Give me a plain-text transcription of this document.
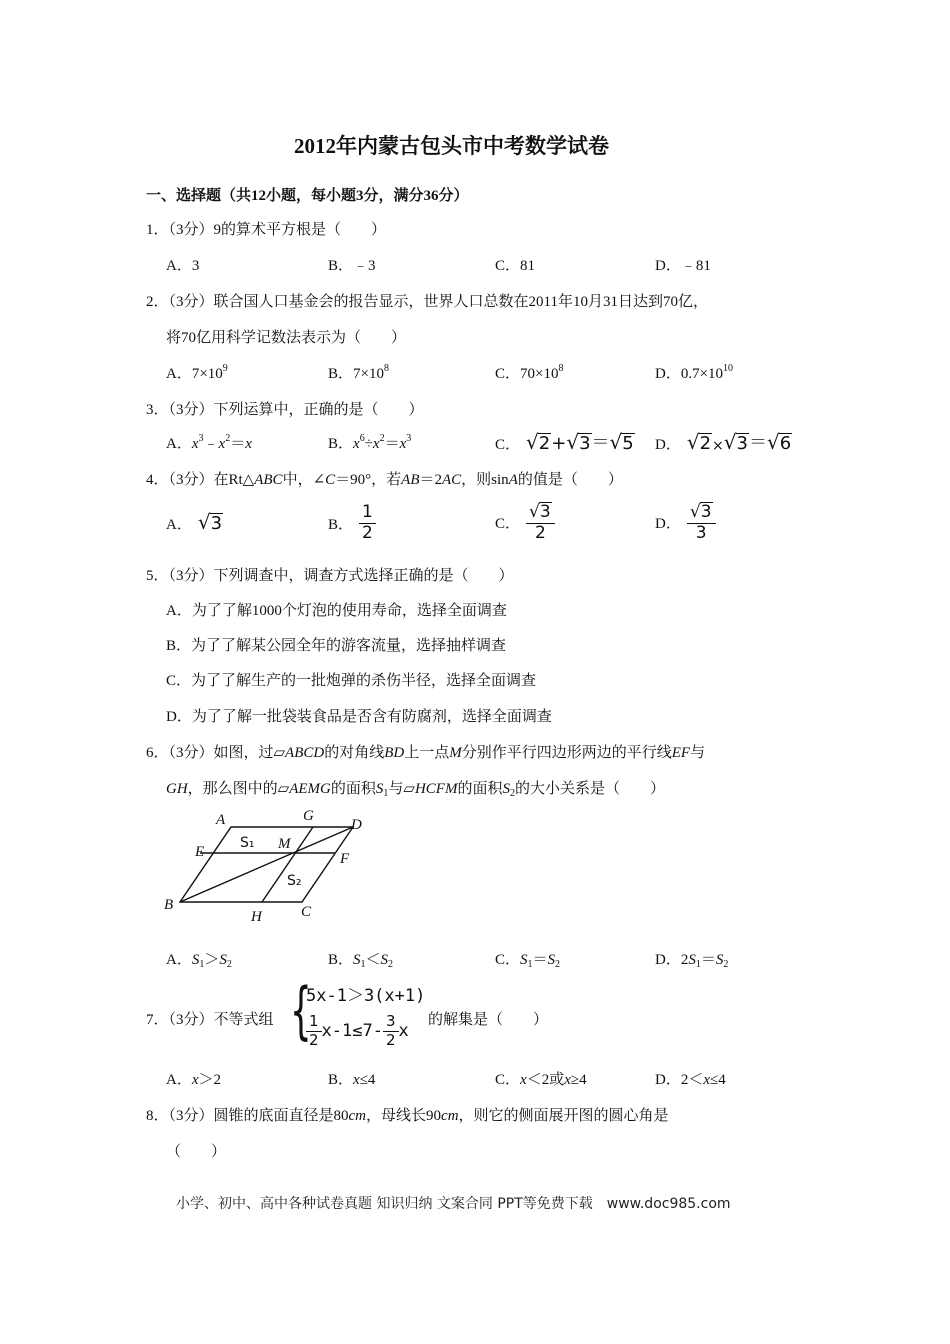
2012年内蒙古包头市中考数学试卷
一、选择题（共12小题，每小题3分，满分36分）
1．（3分）9的算术平方根是（　　）
A．3	B．﹣3	C．81	D．﹣81
2．（3分）联合国人口基金会的报告显示，世界人口总数在2011年10月31日达到70亿，
将70亿用科学记数法表示为（　　）
A．$7\times 10^9$	B．$7\times 10^8$	C．$70\times 10^8$	D．$0.7\times 10^{10}$
3．（3分）下列运算中，正确的是（　　）
A．$x^3﹣x^2=x$	B．$x^6\div x^2=x^3$	C． √ 2 + √ 3 ＝ √ 5 D． √ 2 × √ 3 ＝ √ 6
4．（3分）在Rt△ABC中，∠C＝90°，若AB＝2AC，则sinA的值是（　　）
A． √ 3	B． $\frac{1}{2}$	C． $\frac{√ 3}{2}$	D． $\frac{√ 3}{3}$
5．（3分）下列调查中，调查方式选择正确的是（　　）
A．为了了解1000个灯泡的使用寿命，选择全面调查
B．为了了解某公园全年的游客流量，选择抽样调查
C．为了了解生产的一批炮弹的杀伤半径，选择全面调查
D．为了了解一批袋装食品是否含有防腐剂，选择全面调查
6．（3分）如图，过▱ABCD的对角线BD上一点M分别作平行四边形两边的平行线EF与
GH，那么图中的▱AEMG的面积$S_1$与▱HCFM的面积$S_2$的大小关系是（　　）
A	G
D
E	M
F
B
H	C
S₁
S₂
A．$S_1>S_2$	B．$S_1<S_2$	C．$S_1=S_2$	D．$2S_1=S_2$
7．（3分）不等式组 {
5x-1＞3(x+1)
$\frac{1}{2} x-1\le 7- \frac{3}{2}$ x
的解集是（　　）
A．x＞2	B．x≤4	C．x＜2或x≥4	D．2＜x≤4
8．（3分）圆锥的底面直径是80cm，母线长90cm，则它的侧面展开图的圆心角是
（　　）
小学、初中、高中各种试卷真题 知识归纳 文案合同 PPT等免费下载　www.doc985.com
